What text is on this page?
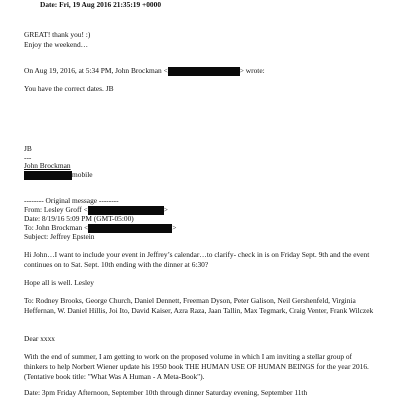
Date: Fri, 19 Aug 2016 21:35:19 +0000
GREAT! thank you! :)
Enjoy the weekend…
On Aug 19, 2016, at 5:34 PM, John Brockman <	> wrote:
You have the correct dates. JB
JB
---
John Brockman
mobile
-------- Original message --------
From: Lesley Groff <	>
Date: 8/19/16 5:09 PM (GMT-05:00)
To: John Brockman <	>
Subject: Jeffrey Epstein
Hi John…I want to include your event in Jeffrey’s calendar…to clarify- check in is on Friday Sept. 9th and the event continues on to Sat. Sept. 10th ending with the dinner at 6:30?
Hope all is well. Lesley
To: Rodney Brooks, George Church, Daniel Dennett, Freeman Dyson, Peter Galison, Neil Gershenfeld, Virginia Heffernan, W. Daniel Hillis, Joi Ito, David Kaiser, Azra Raza, Jaan Tallin, Max Tegmark, Craig Venter, Frank Wilczek
Dear xxxx
With the end of summer, I am getting to work on the proposed volume in which I am inviting a stellar group of thinkers to help Norbert Wiener update his 1950 book THE HUMAN USE OF HUMAN BEINGS for the year 2016. (Tentative book title: "What Was A Human - A Meta-Book").
Date: 3pm Friday Afternoon, September 10th through dinner Saturday evening, September 11th
